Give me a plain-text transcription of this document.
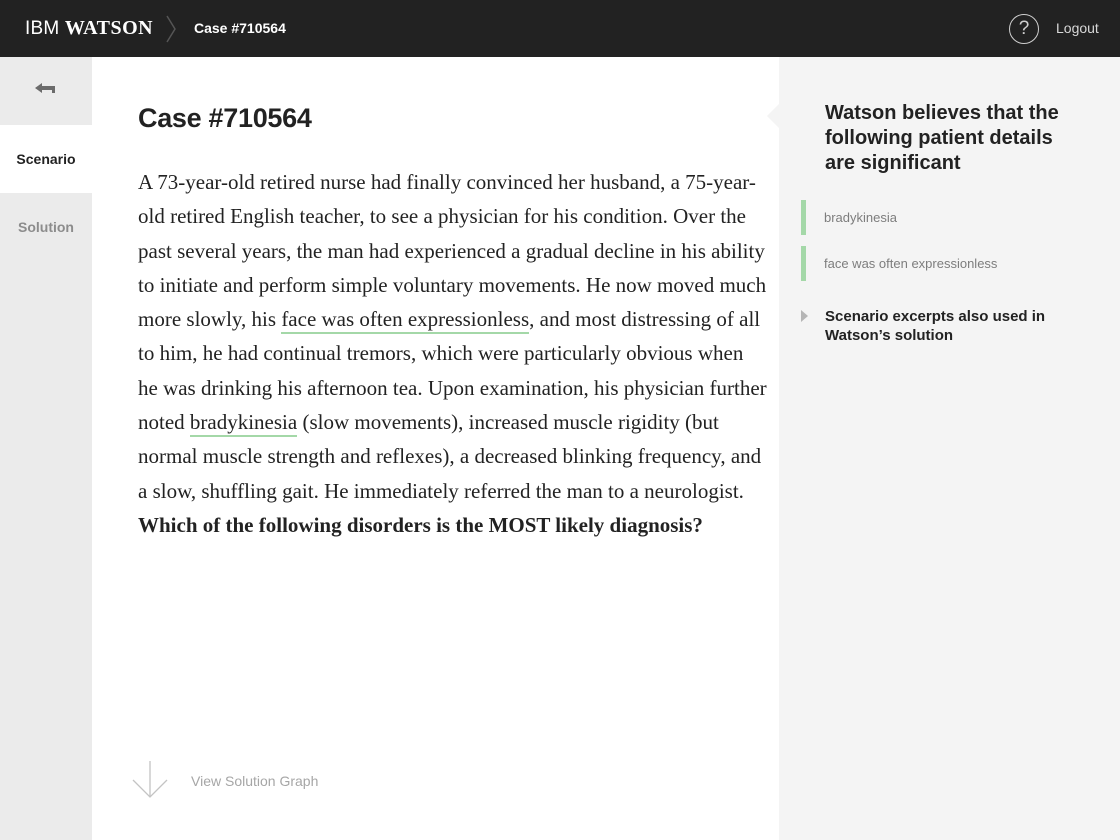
IBM WATSON	Case #710564	?	Logout
Scenario
Solution
Case #710564

A 73-year-old retired nurse had finally convinced her husband, a 75-year-old retired English teacher, to see a physician for his condition. Over the past several years, the man had experienced a gradual decline in his ability to initiate and perform simple voluntary movements. He now moved much more slowly, his face was often expressionless, and most distressing of all to him, he had continual tremors, which were particularly obvious when he was drinking his afternoon tea. Upon examination, his physician further noted bradykinesia (slow movements), increased muscle rigidity (but normal muscle strength and reflexes), a decreased blinking frequency, and a slow, shuffling gait. He immediately referred the man to a neurologist. Which of the following disorders is the MOST likely diagnosis?

View Solution Graph
Watson believes that the following patient details are significant
bradykinesia
face was often expressionless
Scenario excerpts also used in Watson’s solution
